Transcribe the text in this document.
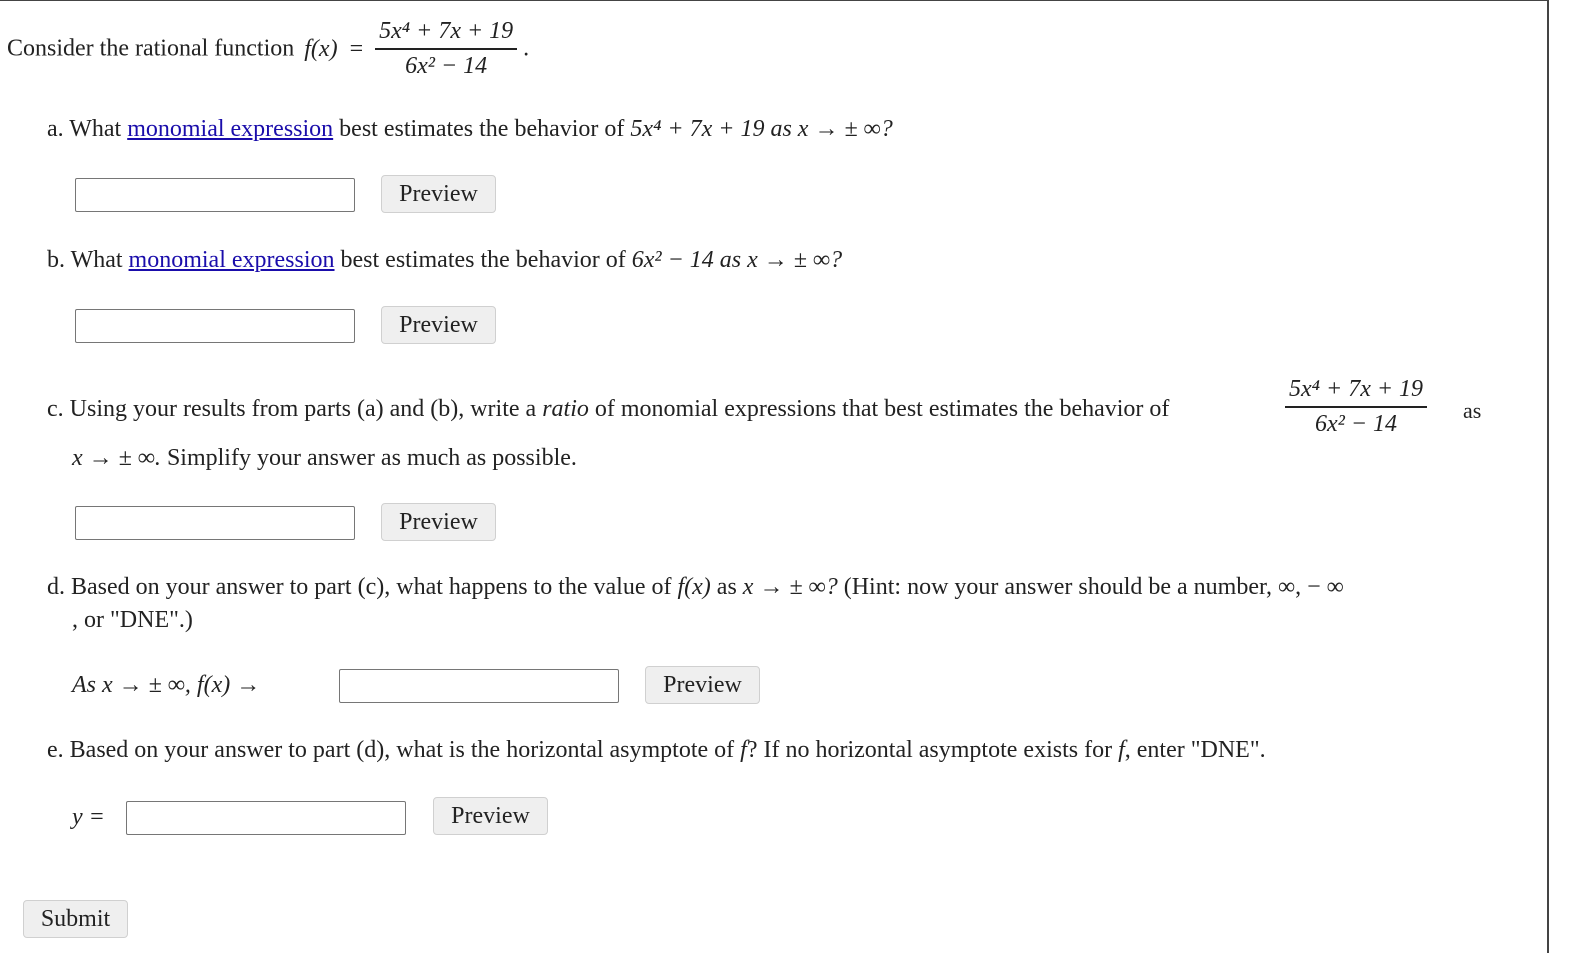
Consider the rational function $f(x) = \frac{\text{5x⁴ + 7x + 19}}{\text{6x² − 14}}$ .
a. What monomial expression best estimates the behavior of 5x⁴ + 7x + 19 as x → ± ∞?
Preview
b. What monomial expression best estimates the behavior of 6x² − 14 as x → ± ∞?
Preview
c. Using your results from parts (a) and (b), write a ratio of monomial expressions that best estimates the behavior of	$\frac{\text{5x⁴ + 7x + 19}}{\text{6x² − 14}}$ as
x → ± ∞. Simplify your answer as much as possible.
Preview
d. Based on your answer to part (c), what happens to the value of f(x) as x → ± ∞? (Hint: now your answer should be a number, ∞, − ∞
, or "DNE".)
As x → ± ∞, f(x) →	Preview
e. Based on your answer to part (d), what is the horizontal asymptote of f? If no horizontal asymptote exists for f, enter "DNE".
y =	Preview
Submit
